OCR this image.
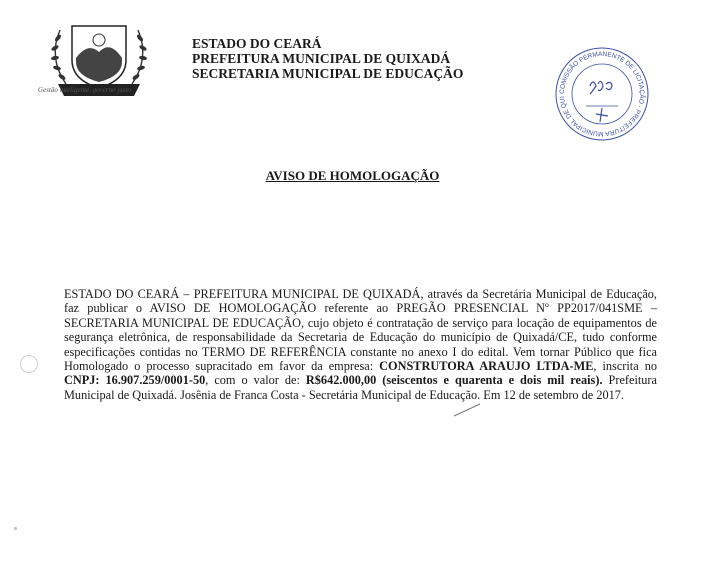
Gestão inteligente, governo justo
ESTADO DO CEARÁ
PREFEITURA MUNICIPAL DE QUIXADÁ
SECRETARIA MUNICIPAL DE EDUCAÇÃO
COMISSÃO PERMANENTE DE LICITAÇÃO · PREFEITURA MUNICIPAL DE QUI
AVISO DE HOMOLOGAÇÃO
ESTADO DO CEARÁ – PREFEITURA MUNICIPAL DE QUIXADÁ, através da Secretária Municipal de Educação, faz publicar o AVISO DE HOMOLOGAÇÃO referente ao PREGÃO PRESENCIAL Nº PP2017/041SME – SECRETARIA MUNICIPAL DE EDUCAÇÃO, cujo objeto é contratação de serviço para locação de equipamentos de segurança eletrônica, de responsabilidade da Secretaria de Educação do município de Quixadá/CE, tudo conforme especificações contidas no TERMO DE REFERÊNCIA constante no anexo I do edital. Vem tornar Público que fica Homologado o processo supracitado em favor da empresa: CONSTRUTORA ARAUJO LTDA-ME, inscrita no CNPJ: 16.907.259/0001-50, com o valor de: R$642.000,00 (seiscentos e quarenta e dois mil reais). Prefeitura Municipal de Quixadá. Josênia de Franca Costa - Secretária Municipal de Educação. Em 12 de setembro de 2017.
